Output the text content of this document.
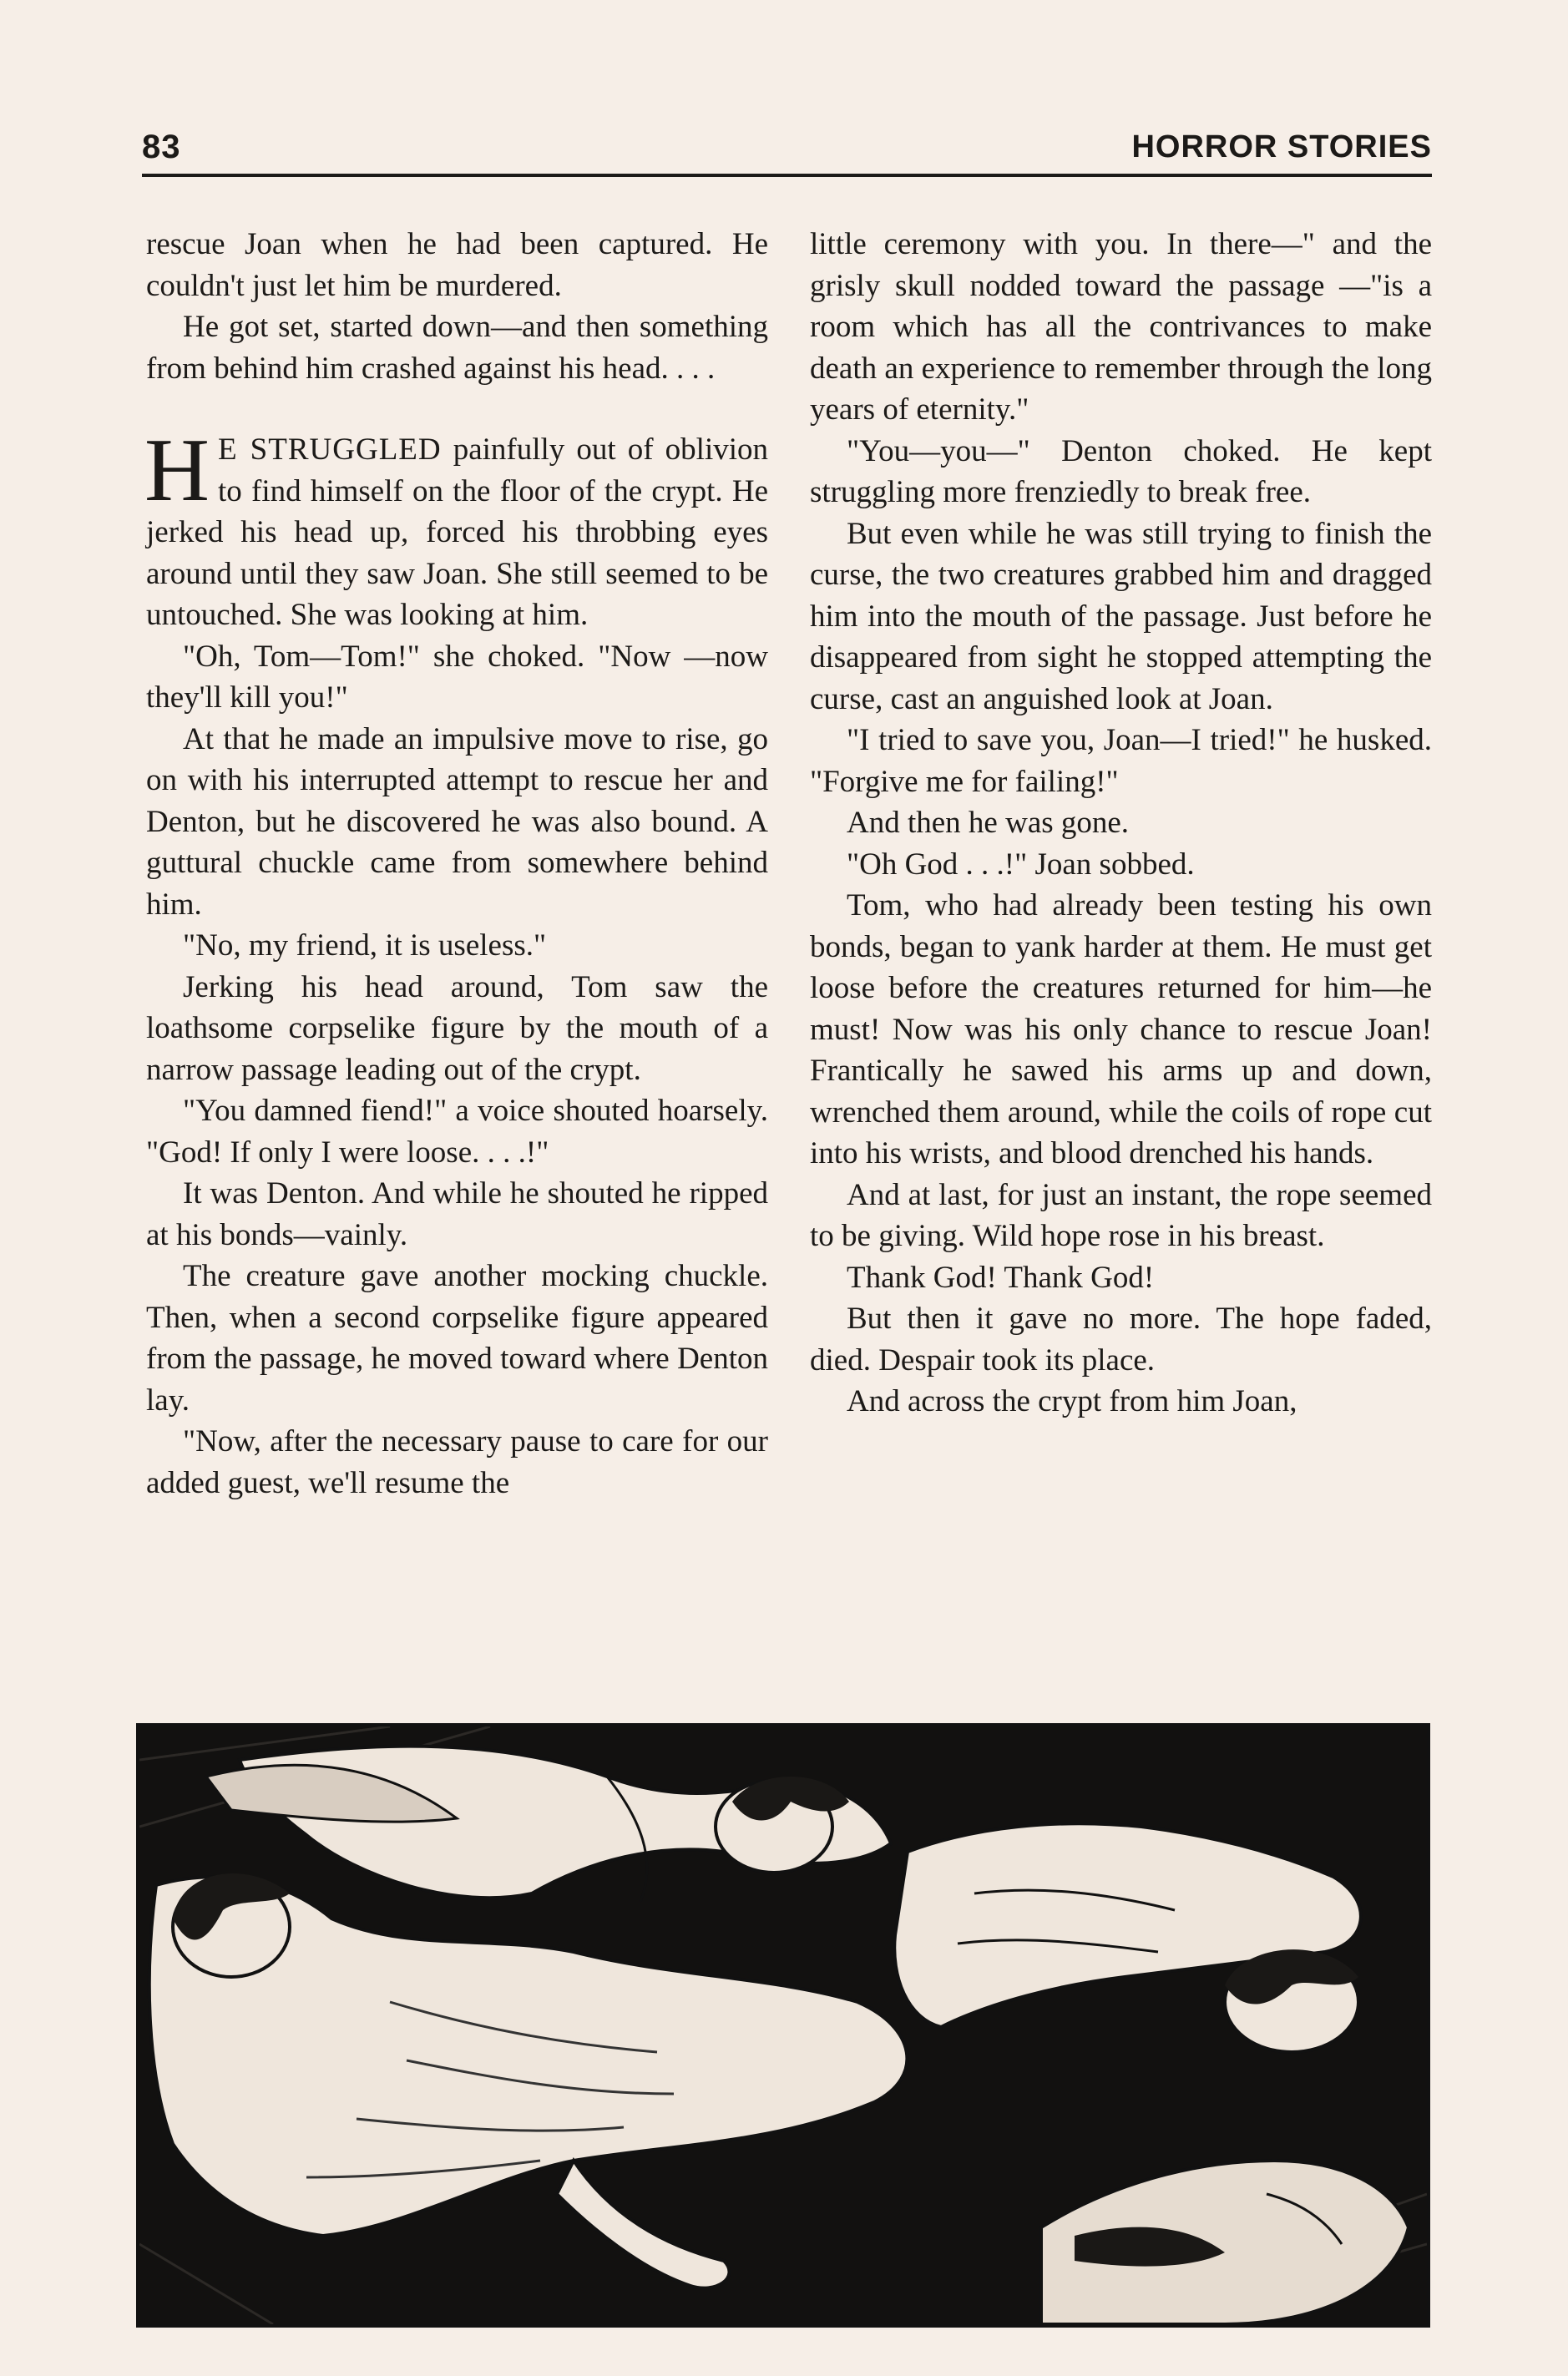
83	HORROR STORIES

rescue Joan when he had been captured. He couldn't just let him be murdered.

He got set, started down—and then something from behind him crashed against his head. . . .

H E STRUGGLED painfully out of oblivion to find himself on the floor of the crypt. He jerked his head up, forced his throbbing eyes around until they saw Joan. She still seemed to be untouched. She was looking at him.

"Oh, Tom—Tom!" she choked. "Now —now they'll kill you!"

At that he made an impulsive move to rise, go on with his interrupted attempt to rescue her and Denton, but he discovered he was also bound. A guttural chuckle came from somewhere behind him.

"No, my friend, it is useless."

Jerking his head around, Tom saw the loathsome corpselike figure by the mouth of a narrow passage leading out of the crypt.

"You damned fiend!" a voice shouted hoarsely. "God! If only I were loose. . . .!"

It was Denton. And while he shouted he ripped at his bonds—vainly.

The creature gave another mocking chuckle. Then, when a second corpselike figure appeared from the passage, he moved toward where Denton lay.

"Now, after the necessary pause to care for our added guest, we'll resume the

little ceremony with you. In there—" and the grisly skull nodded toward the passage —"is a room which has all the contrivances to make death an experience to remember through the long years of eternity."

"You—you—" Denton choked. He kept struggling more frenziedly to break free.

But even while he was still trying to finish the curse, the two creatures grabbed him and dragged him into the mouth of the passage. Just before he disappeared from sight he stopped attempting the curse, cast an anguished look at Joan.

"I tried to save you, Joan—I tried!" he husked. "Forgive me for failing!"

And then he was gone.

"Oh God . . .!" Joan sobbed.

Tom, who had already been testing his own bonds, began to yank harder at them. He must get loose before the creatures returned for him—he must! Now was his only chance to rescue Joan! Frantically he sawed his arms up and down, wrenched them around, while the coils of rope cut into his wrists, and blood drenched his hands.

And at last, for just an instant, the rope seemed to be giving. Wild hope rose in his breast.

Thank God! Thank God!

But then it gave no more. The hope faded, died. Despair took its place.

And across the crypt from him Joan,
